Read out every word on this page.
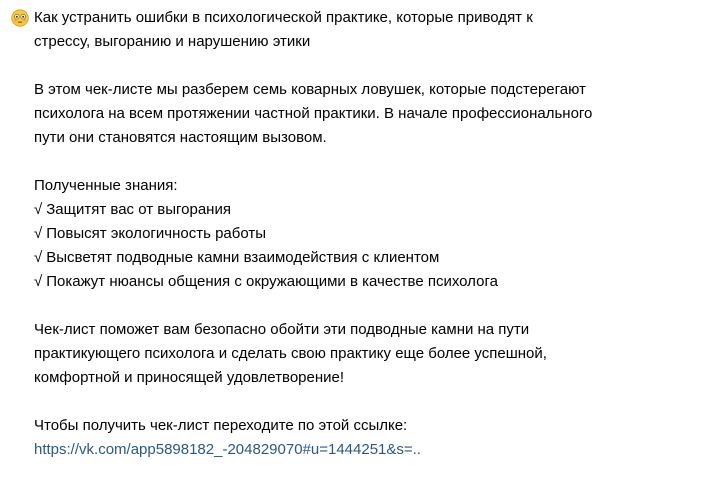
Как устранить ошибки в психологической практике, которые приводят к
стрессу, выгоранию и нарушению этики
В этом чек-листе мы разберем семь коварных ловушек, которые подстерегают
психолога на всем протяжении частной практики. В начале профессионального
пути они становятся настоящим вызовом.
Полученные знания:
√ Защитят вас от выгорания
√ Повысят экологичность работы
√ Высветят подводные камни взаимодействия с клиентом
√ Покажут нюансы общения с окружающими в качестве психолога
Чек-лист поможет вам безопасно обойти эти подводные камни на пути
практикующего психолога и сделать свою практику еще более успешной,
комфортной и приносящей удовлетворение!
Чтобы получить чек-лист переходите по этой ссылке:
https://vk.com/app5898182_-204829070#u=1444251&s=..
